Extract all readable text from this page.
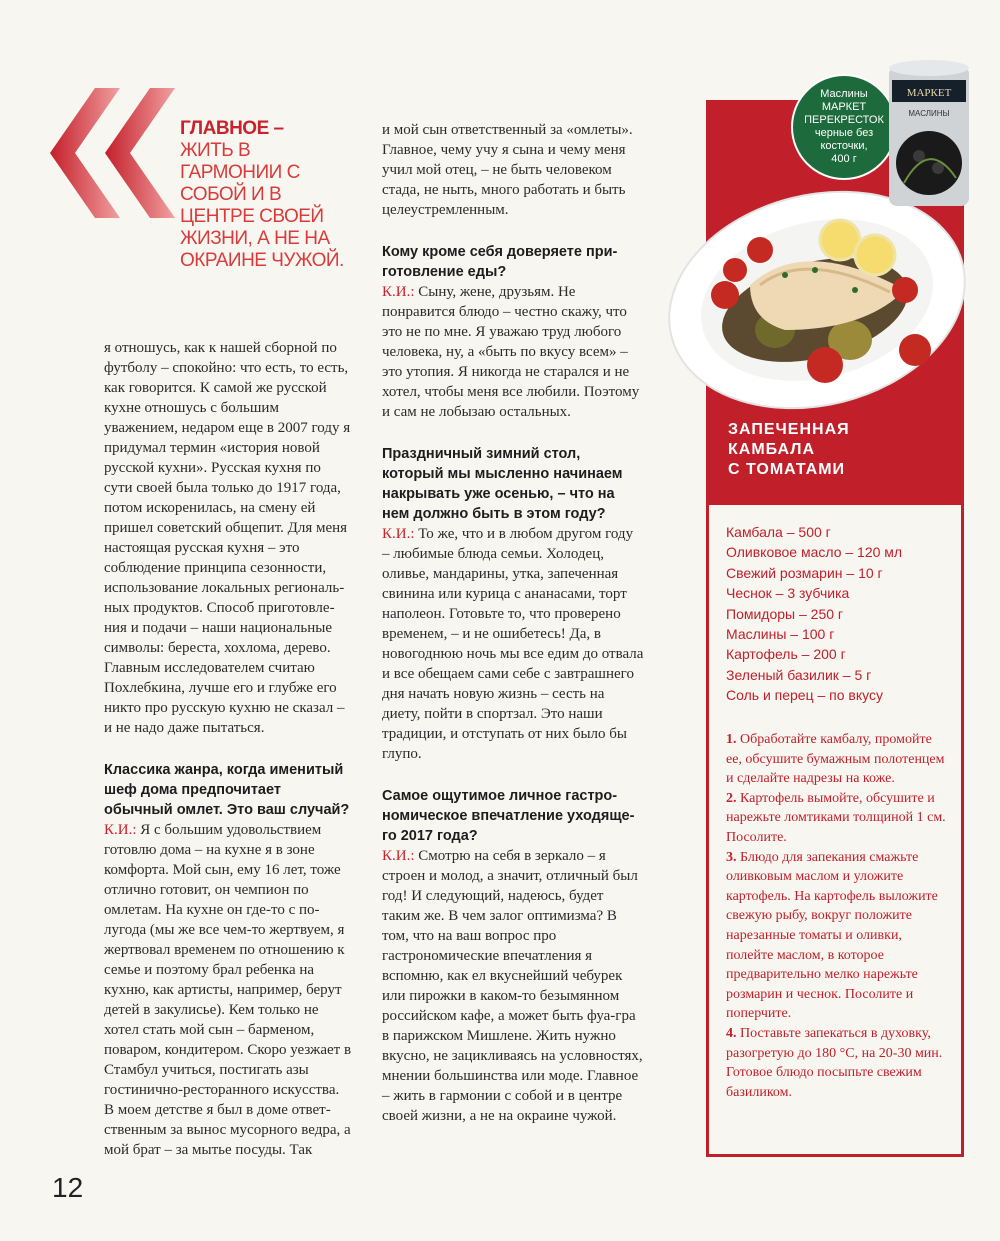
ГЛАВНОЕ –
ЖИТЬ В
ГАРМОНИИ С
СОБОЙ И В
ЦЕНТРЕ СВОЕЙ
ЖИЗНИ, А НЕ НА
ОКРАИНЕ ЧУЖОЙ.

я отношусь, как к нашей сборной по футболу – спокойно: что есть, то есть, как говорится. К самой же русской кухне отношусь с большим уважением, недаром еще в 2007 году я придумал термин «история новой русской кухни». Русская кухня по сути своей была только до 1917 года, потом искоренилась, на смену ей пришел советский общепит. Для меня настоящая русская кухня – это соблюдение принципа сезонности, использование локальных региональных продуктов. Способ приготовления и подачи – наши национальные символы: береста, хохлома, дерево. Главным исследователем считаю Похлебкина, лучше его и глубже его никто про русскую кухню не сказал – и не надо даже пытаться.

Классика жанра, когда именитый шеф дома предпочитает обычный омлет. Это ваш случай?

К.И.: Я с большим удовольствием готовлю дома – на кухне я в зоне комфорта. Мой сын, ему 16 лет, тоже отлично готовит, он чемпион по омлетам. На кухне он где-то с полугода (мы же все чем-то жертвуем, я жертвовал временем по отношению к семье и поэтому брал ребенка на кухню, как артисты, например, берут детей в закулисье). Кем только не хотел стать мой сын – барменом, поваром, кондитером. Скоро уезжает в Стамбул учиться, постигать азы гостинично-ресторанного искусства. В моем детстве я был в доме ответственным за вынос мусорного ведра, а мой брат – за мытье посуды. Так

и мой сын ответственный за «омлеты». Главное, чему учу я сына и чему меня учил мой отец, – не быть человеком стада, не ныть, много работать и быть целеустремленным.

Кому кроме себя доверяете приготовление еды?

К.И.: Сыну, жене, друзьям. Не понравится блюдо – честно скажу, что это не по мне. Я уважаю труд любого человека, ну, а «быть по вкусу всем» – это утопия. Я никогда не старался и не хотел, чтобы меня все любили. Поэтому и сам не лобызаю остальных.

Праздничный зимний стол, который мы мысленно начинаем накрывать уже осенью, – что на нем должно быть в этом году?

К.И.: То же, что и в любом другом году – любимые блюда семьи. Холодец, оливье, мандарины, утка, запеченная свинина или курица с ананасами, торт наполеон. Готовьте то, что проверено временем, – и не ошибетесь! Да, в новогоднюю ночь мы все едим до отвала и все обещаем сами себе с завтрашнего дня начать новую жизнь – сесть на диету, пойти в спортзал. Это наши традиции, и отступать от них было бы глупо.

Самое ощутимое личное гастрономическое впечатление уходящего 2017 года?

К.И.: Смотрю на себя в зеркало – я строен и молод, а значит, отличный был год! И следующий, надеюсь, будет таким же. В чем залог оптимизма? В том, что на ваш вопрос про гастрономические впечатления я вспомню, как ел вкуснейший чебурек или пирожки в каком-то безымянном российском кафе, а может быть фуа-гра в парижском Мишлене. Жить нужно вкусно, не зацикливаясь на условностях, мнении большинства или моде. Главное – жить в гармонии с собой и в центре своей жизни, а не на окраине чужой.

Маслины
МАРКЕТ
ПЕРЕКРЕСТОК
черные без
косточки,
400 г
МАРКЕТ
МАСЛИНЫ
ЗАПЕЧЕННАЯ
КАМБАЛА
С ТОМАТАМИ
Камбала – 500 г
Оливковое масло – 120 мл
Свежий розмарин – 10 г
Чеснок – 3 зубчика
Помидоры – 250 г
Маслины – 100 г
Картофель – 200 г
Зеленый базилик – 5 г
Соль и перец – по вкусу
1. Обработайте камбалу, промойте ее, обсушите бумажным полотенцем и сделайте надрезы на коже.
2. Картофель вымойте, обсушите и нарежьте ломтиками толщиной 1 см. Посолите.
3. Блюдо для запекания смажьте оливковым маслом и уложите картофель. На картофель выложите свежую рыбу, вокруг положите нарезанные томаты и оливки, полейте маслом, в которое предварительно мелко нарежьте розмарин и чеснок. Посолите и поперчите.
4. Поставьте запекаться в духовку, разогретую до 180 °С, на 20-30 мин. Готовое блюдо посыпьте свежим базиликом.
12
